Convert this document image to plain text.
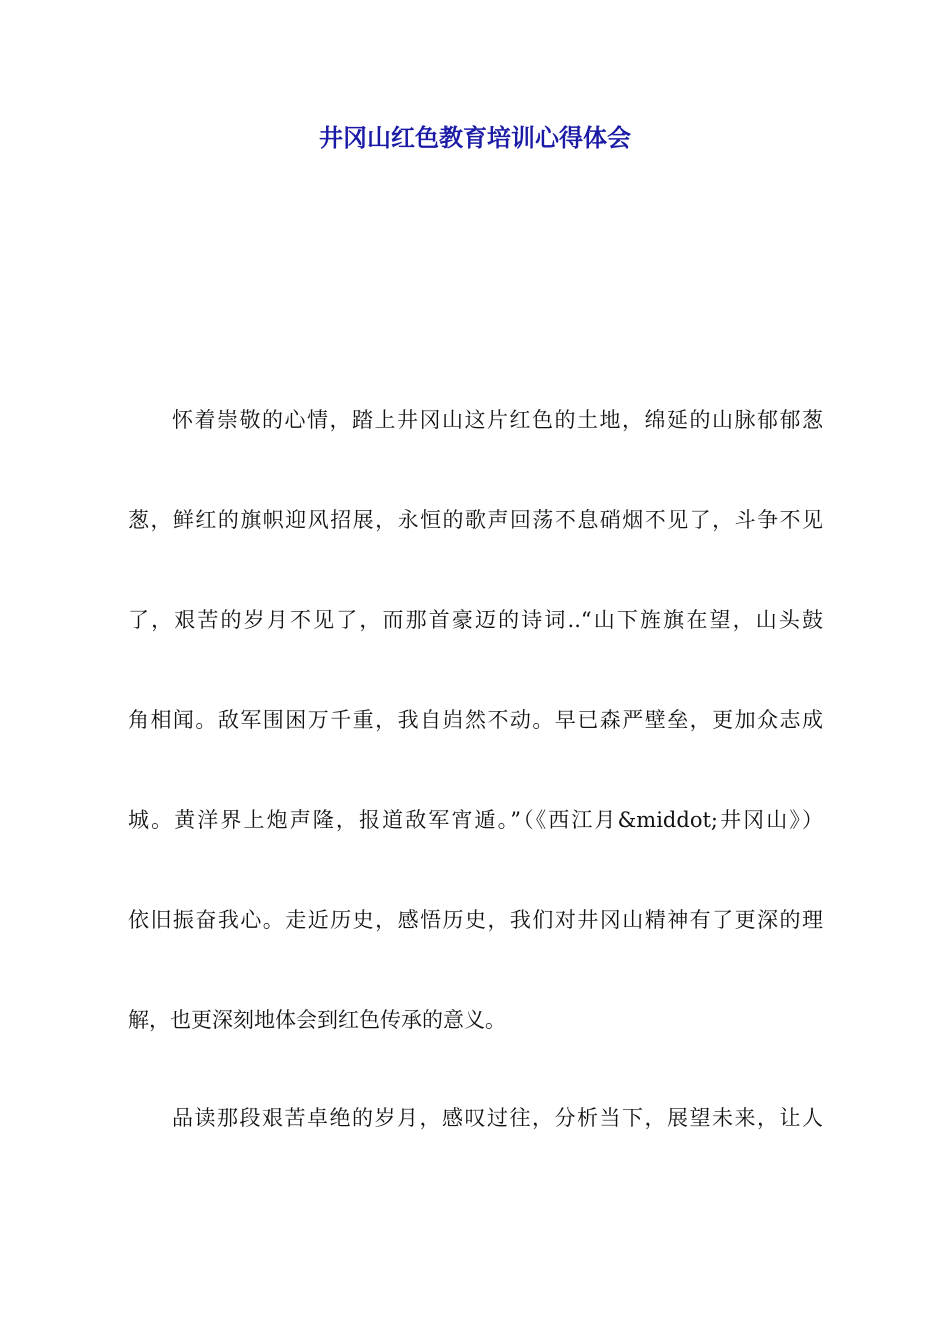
井冈山红色教育培训心得体会
怀着崇敬的心情，踏上井冈山这片红色的土地，绵延的山脉郁郁葱
葱，鲜红的旗帜迎风招展，永恒的歌声回荡不息硝烟不见了，斗争不见
了，艰苦的岁月不见了，而那首豪迈的诗词..“山下旌旗在望，山头鼓
角相闻。敌军围困万千重，我自岿然不动。早已森严壁垒，更加众志成
城。黄洋界上炮声隆，报道敌军宵遁。”（《西江月&middot;井冈山》）
依旧振奋我心。走近历史，感悟历史，我们对井冈山精神有了更深的理
解，也更深刻地体会到红色传承的意义。
品读那段艰苦卓绝的岁月，感叹过往，分析当下，展望未来，让人
